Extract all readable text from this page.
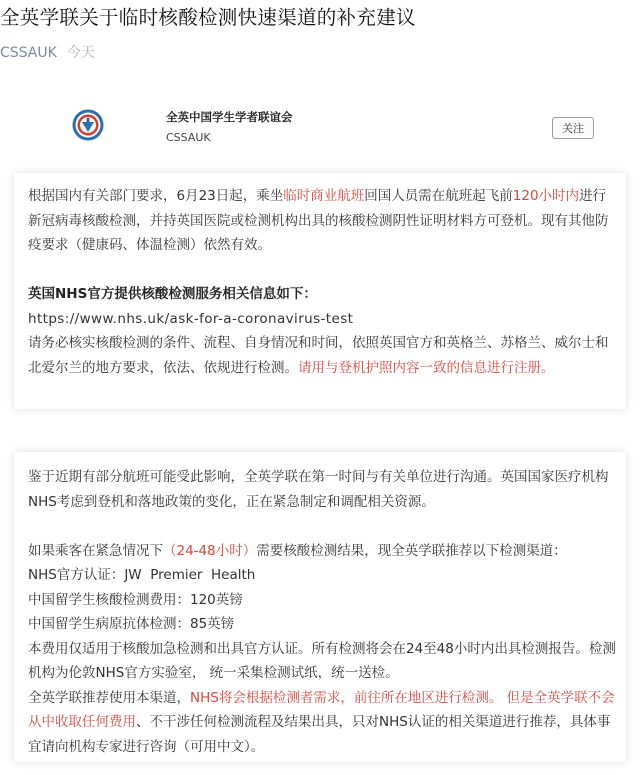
全英学联关于临时核酸检测快速渠道的补充建议
CSSAUK 今天
全英中国学生学者联谊会
CSSAUK
关注

根据国内有关部门要求，6月23日起，乘坐临时商业航班回国人员需在航班起飞前120小时内进行新冠病毒核酸检测，并持英国医院或检测机构出具的核酸检测阴性证明材料方可登机。现有其他防疫要求（健康码、体温检测）依然有效。

英国NHS官方提供核酸检测服务相关信息如下：

https://www.nhs.uk/ask-for-a-coronavirus-test

请务必核实核酸检测的条件、流程、自身情况和时间，依照英国官方和英格兰、苏格兰、威尔士和北爱尔兰的地方要求，依法、依规进行检测。请用与登机护照内容一致的信息进行注册。

鉴于近期有部分航班可能受此影响，全英学联在第一时间与有关单位进行沟通。英国国家医疗机构NHS考虑到登机和落地政策的变化，正在紧急制定和调配相关资源。

如果乘客在紧急情况下（24-48小时）需要核酸检测结果，现全英学联推荐以下检测渠道：

NHS官方认证：JW  Premier  Health

中国留学生核酸检测费用：120英镑

中国留学生病原抗体检测：85英镑

本费用仅适用于核酸加急检测和出具官方认证。所有检测将会在24至48小时内出具检测报告。检测机构为伦敦NHS官方实验室， 统一采集检测试纸，统一送检。

全英学联推荐使用本渠道，NHS将会根据检测者需求，前往所在地区进行检测。 但是全英学联不会从中收取任何费用、不干涉任何检测流程及结果出具，只对NHS认证的相关渠道进行推荐，具体事宜请向机构专家进行咨询（可用中文）。
